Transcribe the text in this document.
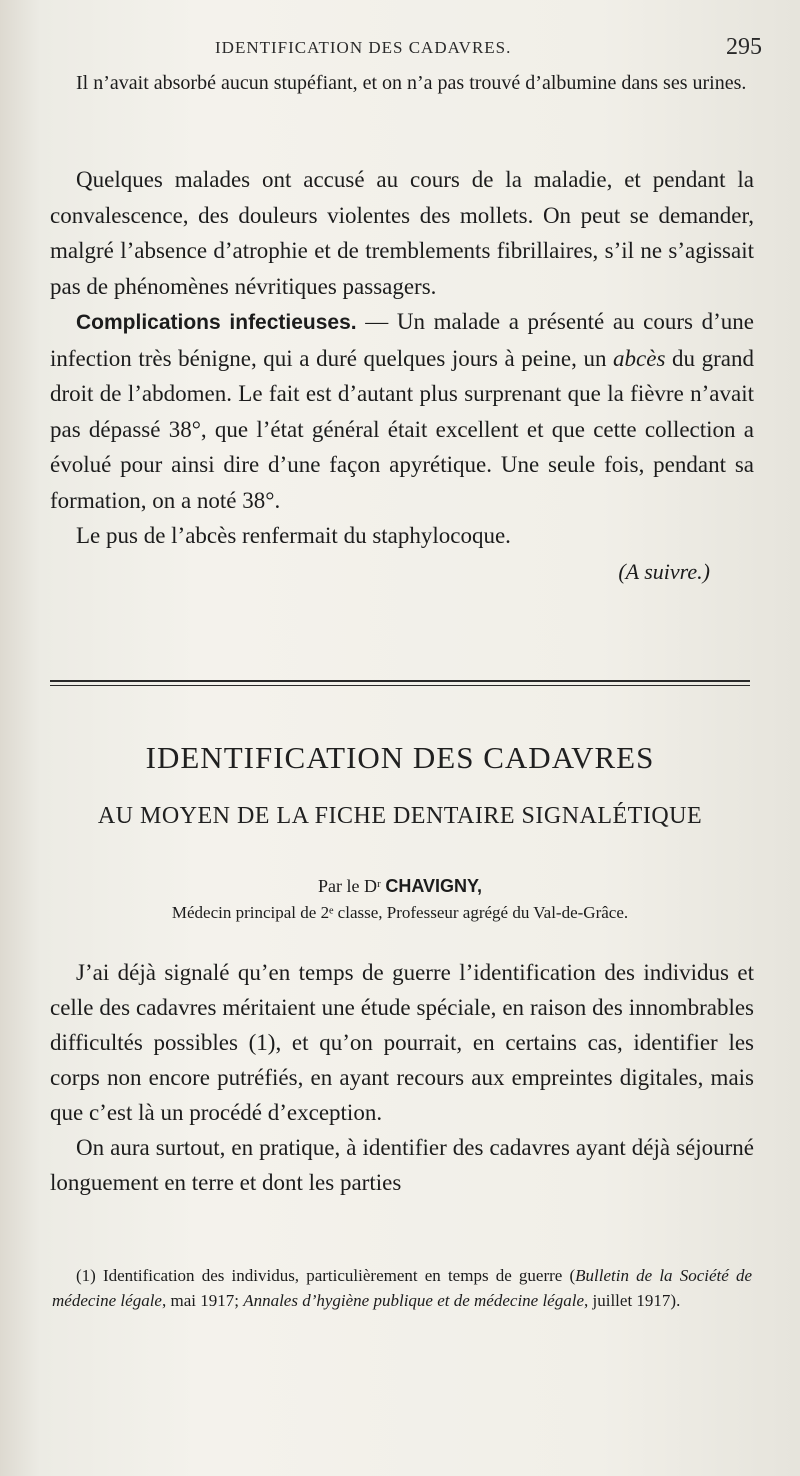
IDENTIFICATION DES CADAVRES.	295

Il n’avait absorbé aucun stupéfiant, et on n’a pas trouvé d’albumine dans ses urines.

Quelques malades ont accusé au cours de la maladie, et pendant la convalescence, des douleurs violentes des mollets. On peut se demander, malgré l’absence d’atrophie et de tremblements fibrillaires, s’il ne s’agissait pas de phénomènes névritiques passagers.

Complications infectieuses. — Un malade a présenté au cours d’une infection très bénigne, qui a duré quelques jours à peine, un abcès du grand droit de l’abdomen. Le fait est d’autant plus surprenant que la fièvre n’avait pas dépassé 38°, que l’état général était excellent et que cette collection a évolué pour ainsi dire d’une façon apyrétique. Une seule fois, pendant sa formation, on a noté 38°.

Le pus de l’abcès renfermait du staphylocoque.

(A suivre.)

IDENTIFICATION DES CADAVRES
AU MOYEN DE LA FICHE DENTAIRE SIGNALÉTIQUE
Par le Dʳ CHAVIGNY,
Médecin principal de 2ᵉ classe, Professeur agrégé du Val-de-Grâce.

J’ai déjà signalé qu’en temps de guerre l’identification des individus et celle des cadavres méritaient une étude spéciale, en raison des innombrables difficultés possibles (1), et qu’on pourrait, en certains cas, identifier les corps non encore putréfiés, en ayant recours aux empreintes digitales, mais que c’est là un procédé d’exception.

On aura surtout, en pratique, à identifier des cadavres ayant déjà séjourné longuement en terre et dont les parties

(1) Identification des individus, particulièrement en temps de guerre (Bulletin de la Société de médecine légale, mai 1917; Annales d’hygiène publique et de médecine légale, juillet 1917).
